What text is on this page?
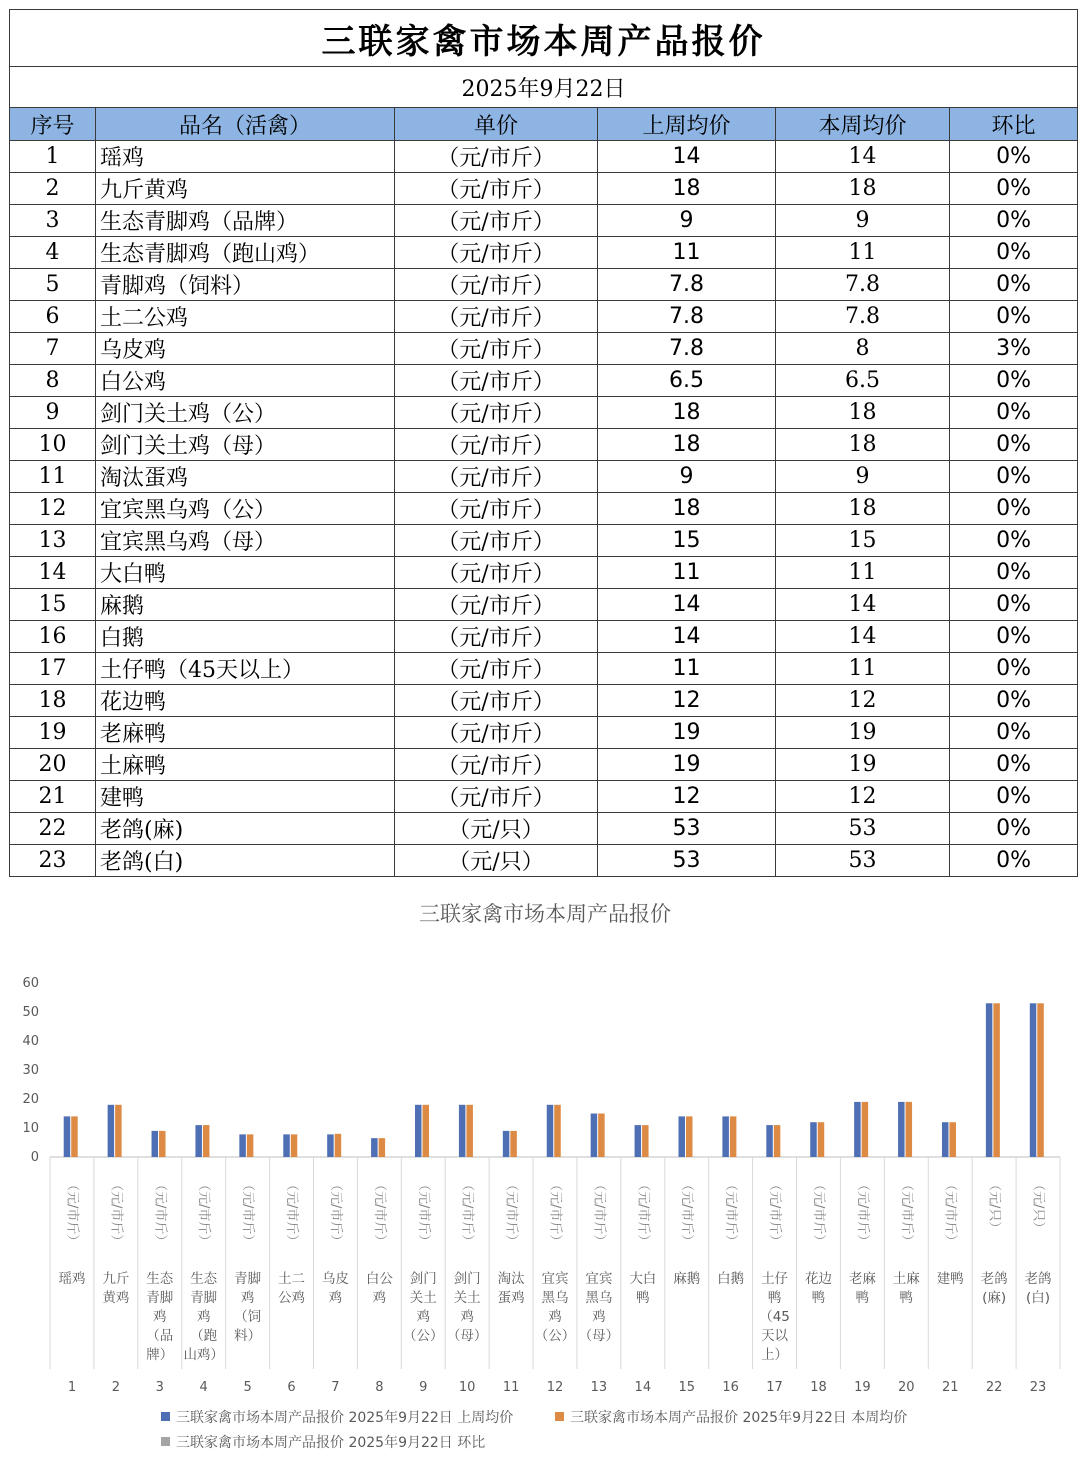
三联家禽市场本周产品报价					
2025年9月22日					
序号	品名（活禽）	单价	上周均价	本周均价	环比
1	瑶鸡	（元/市斤）	14	14	0%
2	九斤黄鸡	（元/市斤）	18	18	0%
3	生态青脚鸡（品牌）	（元/市斤）	9	9	0%
4	生态青脚鸡（跑山鸡）	（元/市斤）	11	11	0%
5	青脚鸡（饲料）	（元/市斤）	7.8	7.8	0%
6	土二公鸡	（元/市斤）	7.8	7.8	0%
7	乌皮鸡	（元/市斤）	7.8	8	3%
8	白公鸡	（元/市斤）	6.5	6.5	0%
9	剑门关土鸡（公）	（元/市斤）	18	18	0%
10	剑门关土鸡（母）	（元/市斤）	18	18	0%
11	淘汰蛋鸡	（元/市斤）	9	9	0%
12	宜宾黑乌鸡（公）	（元/市斤）	18	18	0%
13	宜宾黑乌鸡（母）	（元/市斤）	15	15	0%
14	大白鸭	（元/市斤）	11	11	0%
15	麻鹅	（元/市斤）	14	14	0%
16	白鹅	（元/市斤）	14	14	0%
17	土仔鸭（45天以上）	（元/市斤）	11	11	0%
18	花边鸭	（元/市斤）	12	12	0%
19	老麻鸭	（元/市斤）	19	19	0%
20	土麻鸭	（元/市斤）	19	19	0%
21	建鸭	（元/市斤）	12	12	0%
22	老鸽(麻)	（元/只）	53	53	0%
23	老鸽(白)	（元/只）	53	53	0%
三联家禽市场本周产品报价
0
10
20
30
40
50
60
（元/市斤）
瑶鸡
1
（元/市斤）
九斤
黄鸡
2
（元/市斤）
生态
青脚
鸡
（品
牌）
3
（元/市斤）
生态
青脚
鸡
（跑
山鸡）
4
（元/市斤）
青脚
鸡
（饲
料）
5
（元/市斤）
土二
公鸡
6
（元/市斤）
乌皮
鸡
7
（元/市斤）
白公
鸡
8
（元/市斤）
剑门
关土
鸡
（公）
9
（元/市斤）
剑门
关土
鸡
（母）
10
（元/市斤）
淘汰
蛋鸡
11
（元/市斤）
宜宾
黑乌
鸡
（公）
12
（元/市斤）
宜宾
黑乌
鸡
（母）
13
（元/市斤）
大白
鸭
14
（元/市斤）
麻鹅
15
（元/市斤）
白鹅
16
（元/市斤）
土仔
鸭
（45
天以
上）
17
（元/市斤）
花边
鸭
18
（元/市斤）
老麻
鸭
19
（元/市斤）
土麻
鸭
20
（元/市斤）
建鸭
21
（元/只）
老鸽
(麻)
22
（元/只）
老鸽
(白)
23
三联家禽市场本周产品报价 2025年9月22日 上周均价	三联家禽市场本周产品报价 2025年9月22日 本周均价
三联家禽市场本周产品报价 2025年9月22日 环比
